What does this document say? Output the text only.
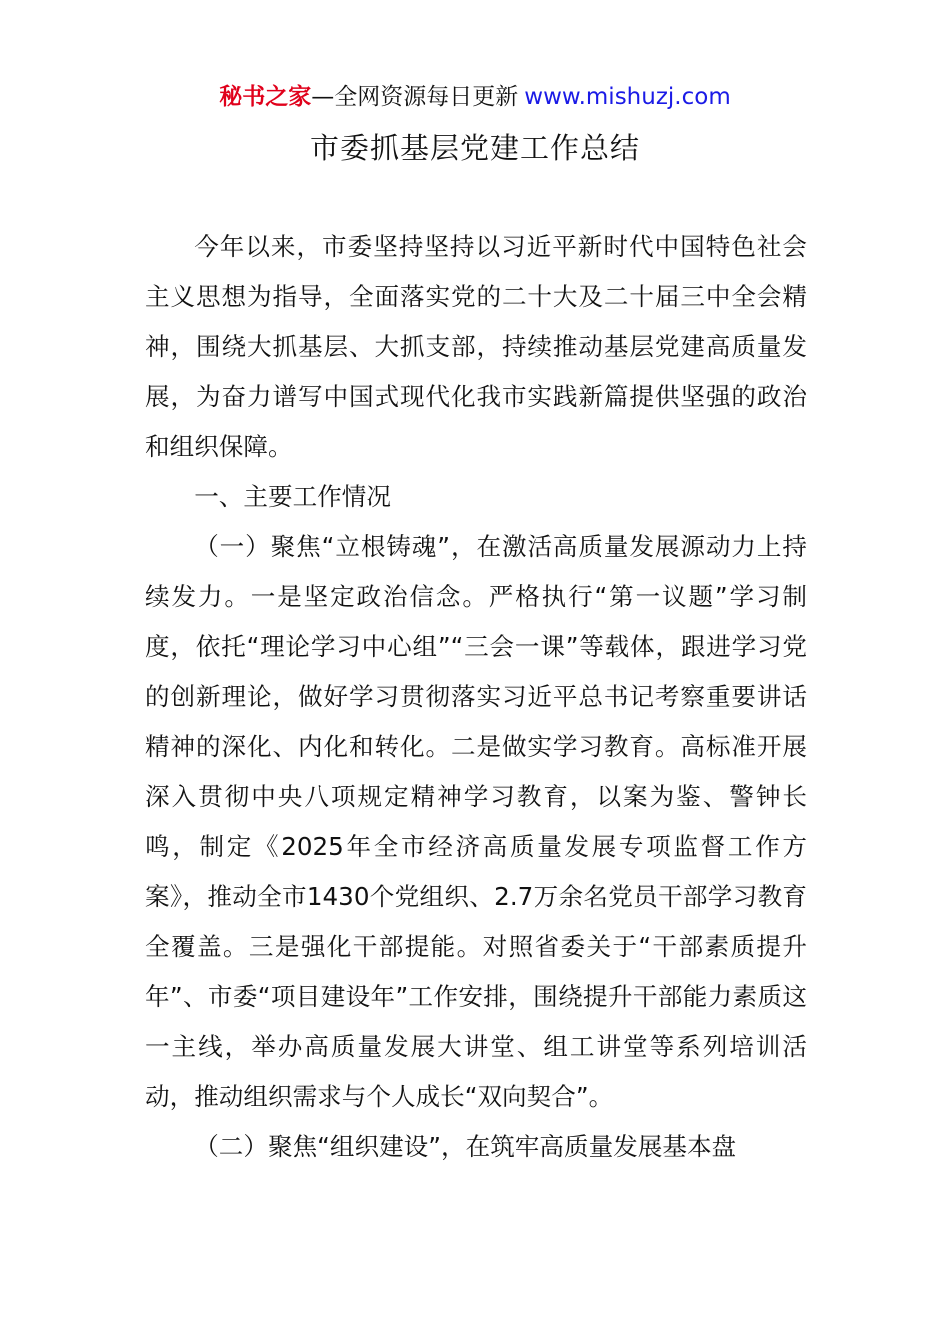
秘书之家—全网资源每日更新 www.mishuzj.com
市委抓基层党建工作总结

今年以来，市委坚持坚持以习近平新时代中国特色社会主义思想为指导，全面落实党的二十大及二十届三中全会精神，围绕大抓基层、大抓支部，持续推动基层党建高质量发展，为奋力谱写中国式现代化我市实践新篇提供坚强的政治和组织保障。

一、主要工作情况

（一）聚焦“立根铸魂”，在激活高质量发展源动力上持续发力。一是坚定政治信念。严格执行“第一议题”学习制度，依托“理论学习中心组”“三会一课”等载体，跟进学习党的创新理论，做好学习贯彻落实习近平总书记考察重要讲话精神的深化、内化和转化。二是做实学习教育。高标准开展深入贯彻中央八项规定精神学习教育，以案为鉴、警钟长鸣，制定《2025年全市经济高质量发展专项监督工作方案》，推动全市1430个党组织、2.7万余名党员干部学习教育全覆盖。三是强化干部提能。对照省委关于“干部素质提升年”、市委“项目建设年”工作安排，围绕提升干部能力素质这一主线，举办高质量发展大讲堂、组工讲堂等系列培训活动，推动组织需求与个人成长“双向契合”。

（二）聚焦“组织建设”，在筑牢高质量发展基本盘
